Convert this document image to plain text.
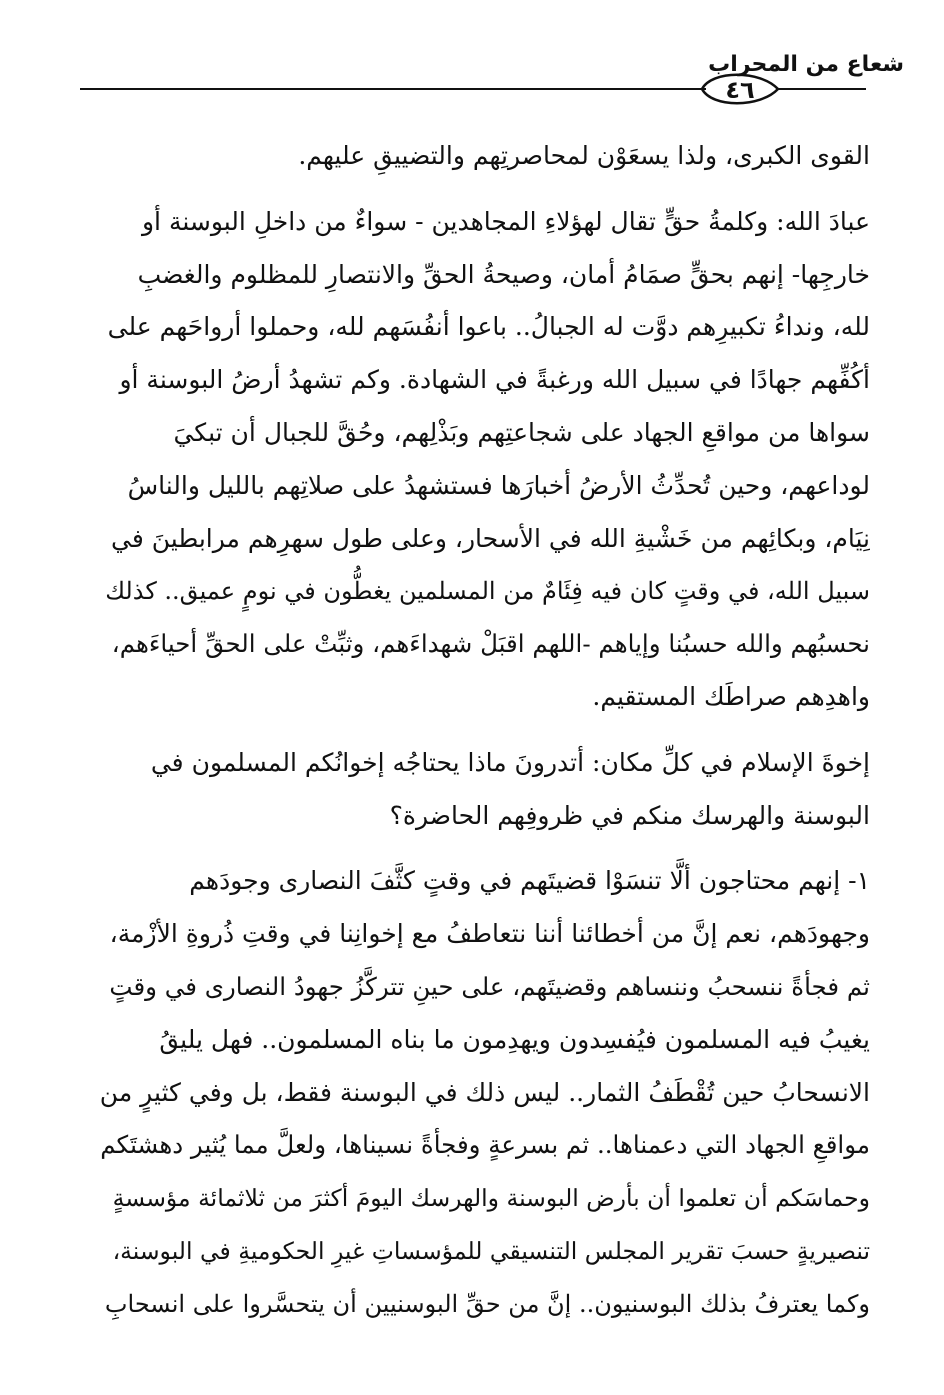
شعاع من المحراب
٤٦
القوى الكبرى، ولذا يسعَوْن لمحاصرتِهم والتضييقِ عليهم.
عبادَ الله: وكلمةُ حقٍّ تقال لهؤلاءِ المجاهدين - سواءٌ من داخلِ البوسنة أو
خارجِها- إنهم بحقٍّ صمَامُ أمان، وصيحةُ الحقِّ والانتصارِ للمظلوم والغضبِ
لله، ونداءُ تكبيرِهم دوَّت له الجبالُ.. باعوا أنفُسَهم لله، وحملوا أرواحَهم على
أكُفِّهم جهادًا في سبيل الله ورغبةً في الشهادة. وكم تشهدُ أرضُ البوسنة أو
سواها من مواقعِ الجهاد على شجاعتِهم وبَذْلِهم، وحُقَّ للجبال أن تبكيَ
لوداعهم، وحين تُحدِّثُ الأرضُ أخبارَها فستشهدُ على صلاتِهم بالليل والناسُ
نِيَام، وبكائِهم من خَشْيةِ الله في الأسحار، وعلى طول سهرِهم مرابطينَ في
سبيل الله، في وقتٍ كان فيه فِئَامٌ من المسلمين يغطُّون في نومٍ عميق.. كذلك
نحسبُهم والله حسبُنا وإياهم -اللهم اقبَلْ شهداءَهم، وثبِّتْ على الحقِّ أحياءَهم،
واهدِهم صراطَك المستقيم.
إخوةَ الإسلام في كلِّ مكان: أتدرونَ ماذا يحتاجُه إخوانُكم المسلمون في
البوسنة والهرسك منكم في ظروفِهم الحاضرة؟
١- إنهم محتاجون ألَّا تنسَوْا قضيتَهم في وقتٍ كثَّفَ النصارى وجودَهم
وجهودَهم، نعم إنَّ من أخطائنا أننا نتعاطفُ مع إخوانِنا في وقتِ ذُروةِ الأزْمة،
ثم فجأةً ننسحبُ وننساهم وقضيتَهم، على حينِ تتركَّزُ جهودُ النصارى في وقتٍ
يغيبُ فيه المسلمون فيُفسِدون ويهدِمون ما بناه المسلمون.. فهل يليقُ
الانسحابُ حين تُقْطَفُ الثمار.. ليس ذلك في البوسنة فقط، بل وفي كثيرٍ من
مواقعِ الجهاد التي دعمناها.. ثم بسرعةٍ وفجأةً نسيناها، ولعلَّ مما يُثير دهشتَكم
وحماسَكم أن تعلموا أن بأرض البوسنة والهرسك اليومَ أكثرَ من ثلاثمائة مؤسسةٍ
تنصيريةٍ حسبَ تقرير المجلس التنسيقي للمؤسساتِ غيرِ الحكوميةِ في البوسنة،
وكما يعترفُ بذلك البوسنيون.. إنَّ من حقِّ البوسنيين أن يتحسَّروا على انسحابِ
